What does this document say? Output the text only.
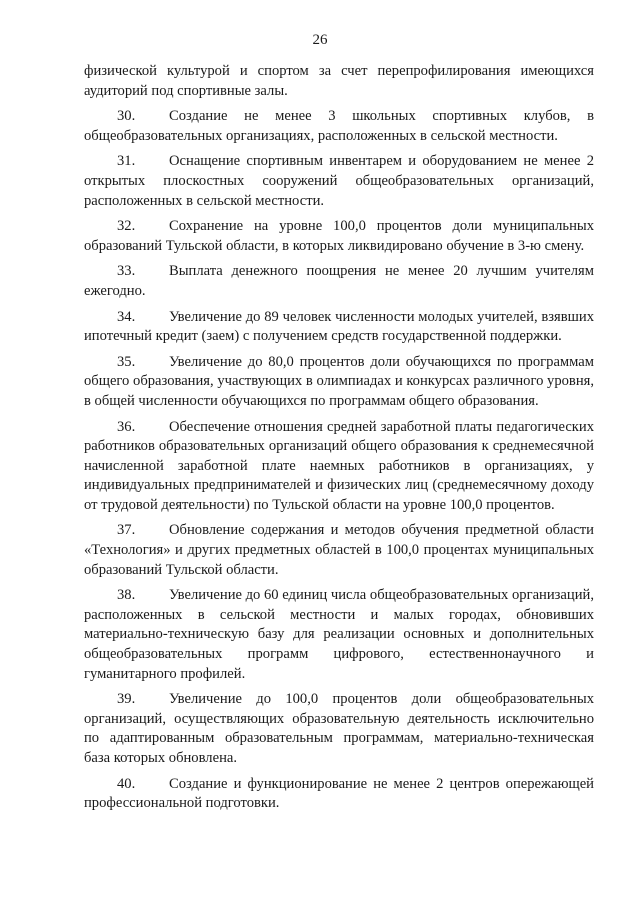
26

физической культурой и спортом за счет перепрофилирования имеющихся аудиторий под спортивные залы.

30. Создание не менее 3 школьных спортивных клубов, в общеобразовательных организациях, расположенных в сельской местности.

31. Оснащение спортивным инвентарем и оборудованием не менее 2 открытых плоскостных сооружений общеобразовательных организаций, расположенных в сельской местности.

32. Сохранение на уровне 100,0 процентов доли муниципальных образований Тульской области, в которых ликвидировано обучение в 3-ю смену.

33. Выплата денежного поощрения не менее 20 лучшим учителям ежегодно.

34. Увеличение до 89 человек численности молодых учителей, взявших ипотечный кредит (заем) с получением средств государственной поддержки.

35. Увеличение до 80,0 процентов доли обучающихся по программам общего образования, участвующих в олимпиадах и конкурсах различного уровня, в общей численности обучающихся по программам общего образования.

36. Обеспечение отношения средней заработной платы педагогических работников образовательных организаций общего образования к среднемесячной начисленной заработной плате наемных работников в организациях, у индивидуальных предпринимателей и физических лиц (среднемесячному доходу от трудовой деятельности) по Тульской области на уровне 100,0 процентов.

37. Обновление содержания и методов обучения предметной области «Технология» и других предметных областей в 100,0 процентах муниципальных образований Тульской области.

38. Увеличение до 60 единиц числа общеобразовательных организаций, расположенных в сельской местности и малых городах, обновивших материально-техническую базу для реализации основных и дополнительных общеобразовательных программ цифрового, естественнонаучного и гуманитарного профилей.

39. Увеличение до 100,0 процентов доли общеобразовательных организаций, осуществляющих образовательную деятельность исключительно по адаптированным образовательным программам, материально-техническая база которых обновлена.

40. Создание и функционирование не менее 2 центров опережающей профессиональной подготовки.
